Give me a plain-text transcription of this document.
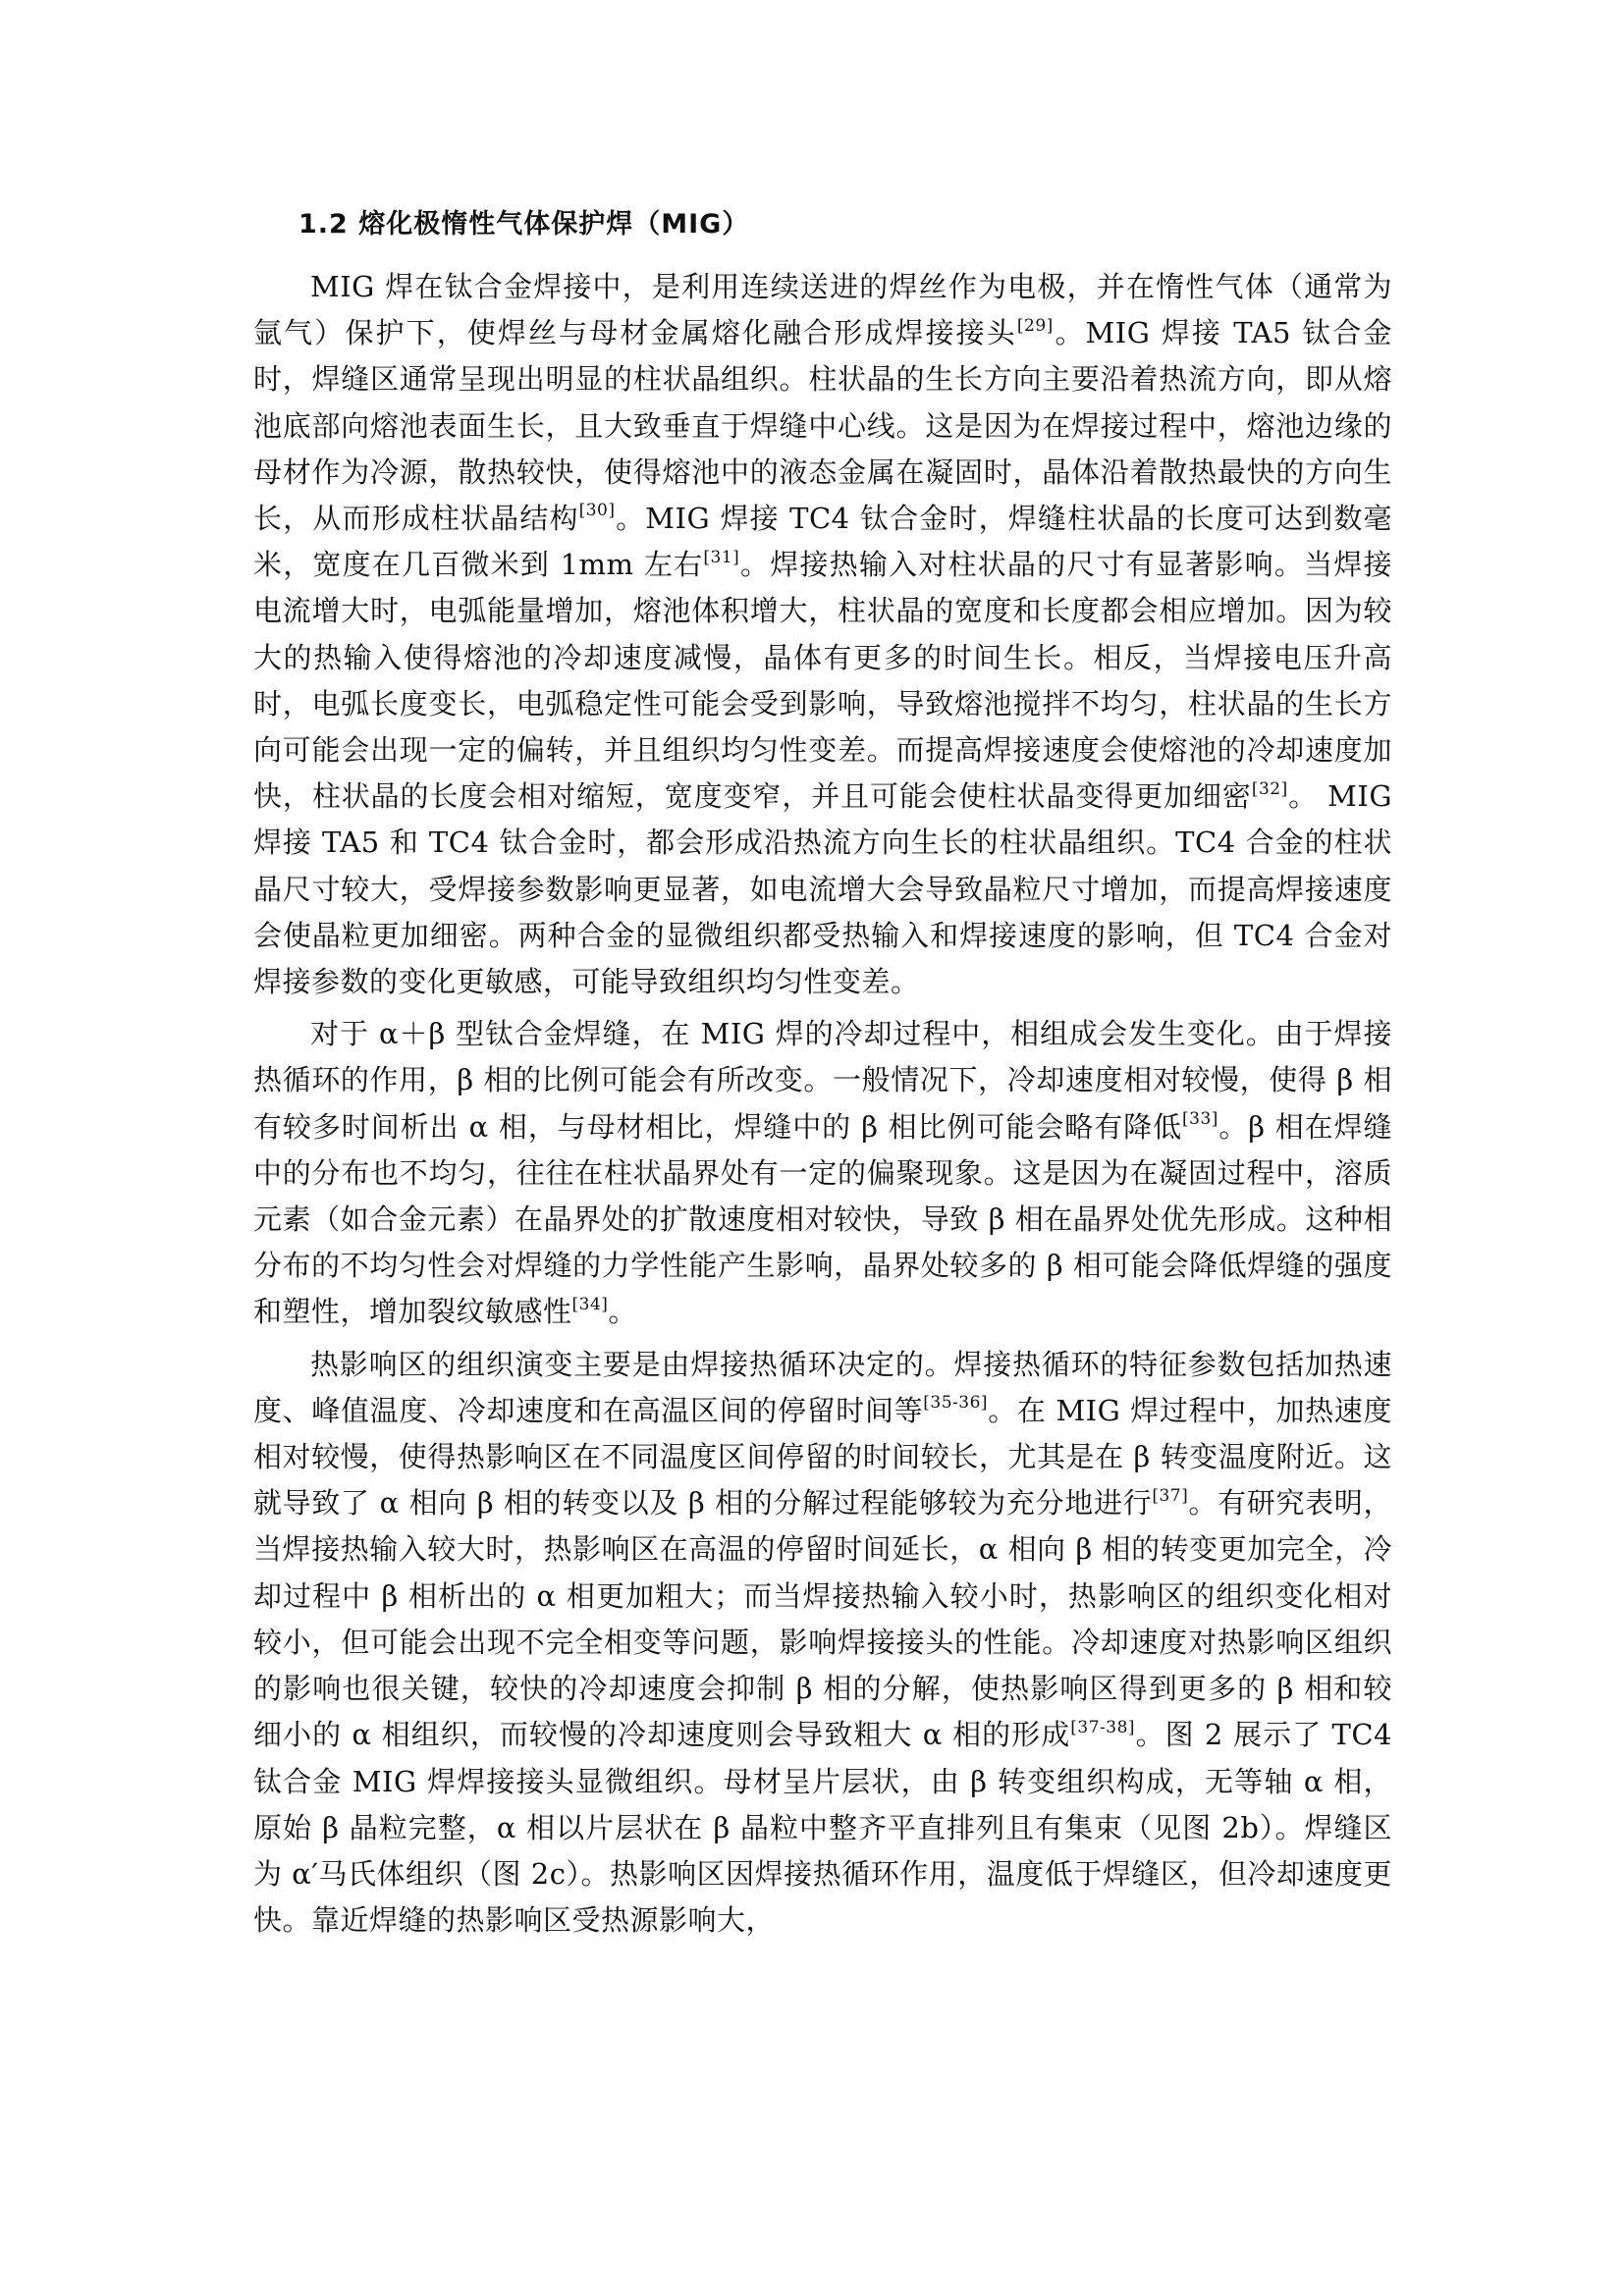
1.2 熔化极惰性气体保护焊（MIG）

MIG 焊在钛合金焊接中，是利用连续送进的焊丝作为电极，并在惰性气体（通常为氩气）保护下，使焊丝与母材金属熔化融合形成焊接接头[29]。MIG 焊接 TA5 钛合金时，焊缝区通常呈现出明显的柱状晶组织。柱状晶的生长方向主要沿着热流方向，即从熔池底部向熔池表面生长，且大致垂直于焊缝中心线。这是因为在焊接过程中，熔池边缘的母材作为冷源，散热较快，使得熔池中的液态金属在凝固时，晶体沿着散热最快的方向生长，从而形成柱状晶结构[30]。MIG 焊接 TC4 钛合金时，焊缝柱状晶的长度可达到数毫米，宽度在几百微米到 1mm 左右[31]。焊接热输入对柱状晶的尺寸有显著影响。当焊接电流增大时，电弧能量增加，熔池体积增大，柱状晶的宽度和长度都会相应增加。因为较大的热输入使得熔池的冷却速度减慢，晶体有更多的时间生长。相反，当焊接电压升高时，电弧长度变长，电弧稳定性可能会受到影响，导致熔池搅拌不均匀，柱状晶的生长方向可能会出现一定的偏转，并且组织均匀性变差。而提高焊接速度会使熔池的冷却速度加快，柱状晶的长度会相对缩短，宽度变窄，并且可能会使柱状晶变得更加细密[32]。 MIG 焊接 TA5 和 TC4 钛合金时，都会形成沿热流方向生长的柱状晶组织。TC4 合金的柱状晶尺寸较大，受焊接参数影响更显著，如电流增大会导致晶粒尺寸增加，而提高焊接速度会使晶粒更加细密。两种合金的显微组织都受热输入和焊接速度的影响，但 TC4 合金对焊接参数的变化更敏感，可能导致组织均匀性变差。

对于 α＋β 型钛合金焊缝，在 MIG 焊的冷却过程中，相组成会发生变化。由于焊接热循环的作用，β 相的比例可能会有所改变。一般情况下，冷却速度相对较慢，使得 β 相有较多时间析出 α 相，与母材相比，焊缝中的 β 相比例可能会略有降低[33]。β 相在焊缝中的分布也不均匀，往往在柱状晶界处有一定的偏聚现象。这是因为在凝固过程中，溶质元素（如合金元素）在晶界处的扩散速度相对较快，导致 β 相在晶界处优先形成。这种相分布的不均匀性会对焊缝的力学性能产生影响，晶界处较多的 β 相可能会降低焊缝的强度和塑性，增加裂纹敏感性[34]。

热影响区的组织演变主要是由焊接热循环决定的。焊接热循环的特征参数包括加热速度、峰值温度、冷却速度和在高温区间的停留时间等[35-36]。在 MIG 焊过程中，加热速度相对较慢，使得热影响区在不同温度区间停留的时间较长，尤其是在 β 转变温度附近。这就导致了 α 相向 β 相的转变以及 β 相的分解过程能够较为充分地进行[37]。有研究表明，当焊接热输入较大时，热影响区在高温的停留时间延长，α 相向 β 相的转变更加完全，冷却过程中 β 相析出的 α 相更加粗大；而当焊接热输入较小时，热影响区的组织变化相对较小，但可能会出现不完全相变等问题，影响焊接接头的性能。冷却速度对热影响区组织的影响也很关键，较快的冷却速度会抑制 β 相的分解，使热影响区得到更多的 β 相和较细小的 α 相组织，而较慢的冷却速度则会导致粗大 α 相的形成[37-38]。图 2 展示了 TC4 钛合金 MIG 焊焊接接头显微组织。母材呈片层状，由 β 转变组织构成，无等轴 α 相，原始 β 晶粒完整，α 相以片层状在 β 晶粒中整齐平直排列且有集束（见图 2b）。焊缝区为 α′马氏体组织（图 2c）。热影响区因焊接热循环作用，温度低于焊缝区，但冷却速度更快。靠近焊缝的热影响区受热源影响大，
